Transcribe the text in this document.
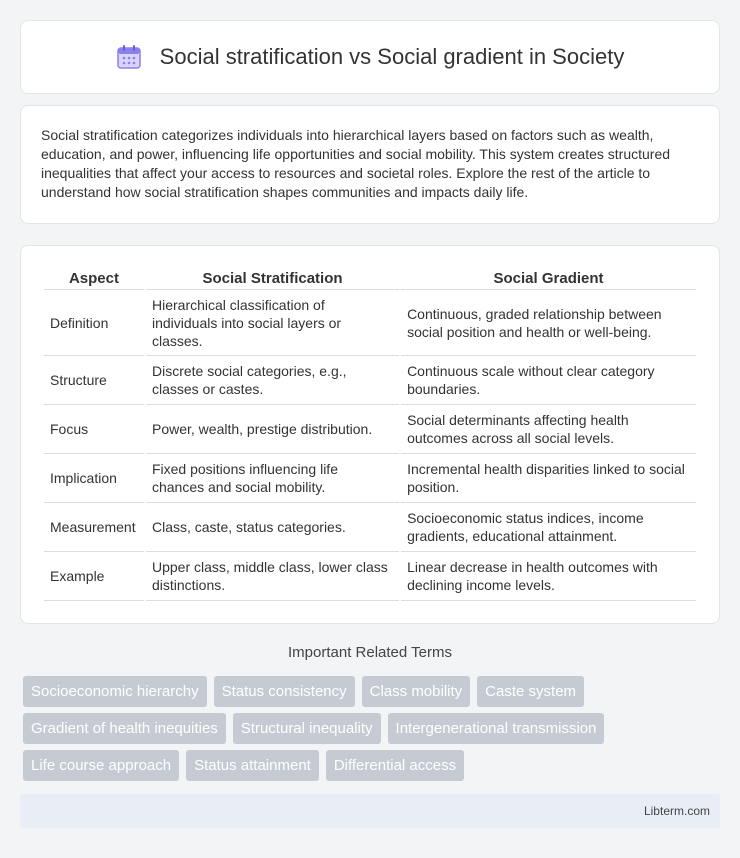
Social stratification vs Social gradient in Society

Social stratification categorizes individuals into hierarchical layers based on factors such as wealth, education, and power, influencing life opportunities and social mobility. This system creates structured inequalities that affect your access to resources and societal roles. Explore the rest of the article to understand how social stratification shapes communities and impacts daily life.

Aspect	Social Stratification	Social Gradient
Definition	Hierarchical classification of individuals into social layers or classes.	Continuous, graded relationship between social position and health or well-being.
Structure	Discrete social categories, e.g., classes or castes.	Continuous scale without clear category boundaries.
Focus	Power, wealth, prestige distribution.	Social determinants affecting health outcomes across all social levels.
Implication	Fixed positions influencing life chances and social mobility.	Incremental health disparities linked to social position.
Measurement	Class, caste, status categories.	Socioeconomic status indices, income gradients, educational attainment.
Example	Upper class, middle class, lower class distinctions.	Linear decrease in health outcomes with declining income levels.
Important Related Terms
Socioeconomic hierarchy	Status consistency	Class mobility	Caste system
Gradient of health inequities	Structural inequality	Intergenerational transmission
Life course approach	Status attainment	Differential access
Libterm.com
